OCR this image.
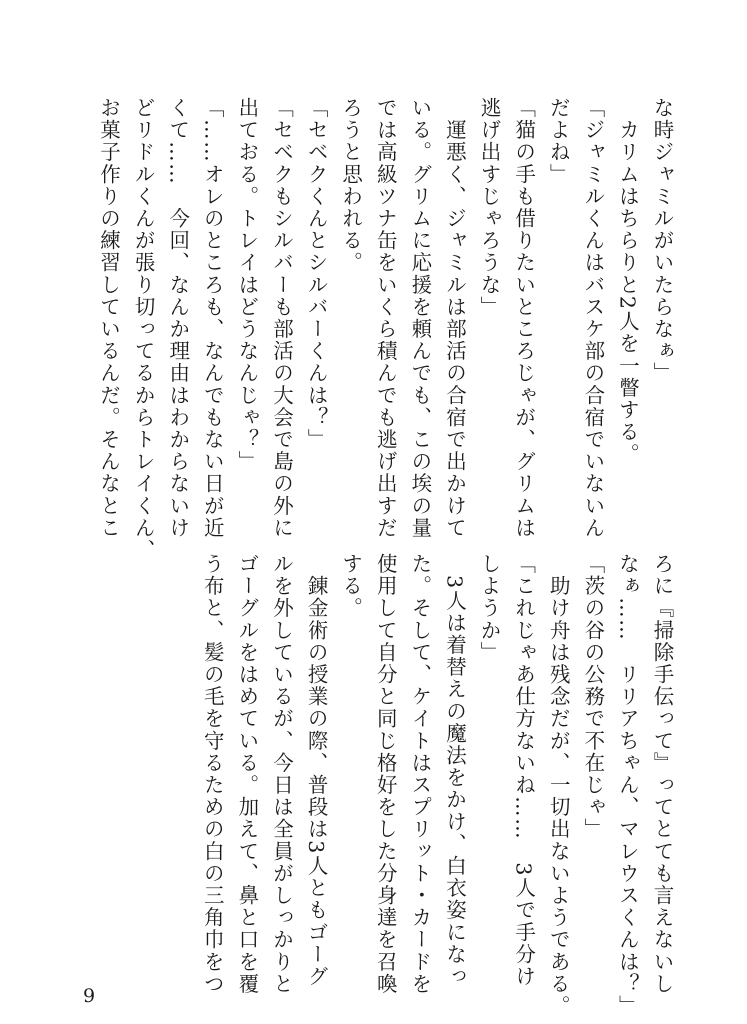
な時ジャミルがいたらなぁ」
　カリムはちらりと2人を一瞥する。
「ジャミルくんはバスケ部の合宿でいないん
だよね」
「猫の手も借りたいところじゃが、グリムは
逃げ出すじゃろうな」
　運悪く、ジャミルは部活の合宿で出かけて
いる。グリムに応援を頼んでも、この埃の量
では高級ツナ缶をいくら積んでも逃げ出すだ
ろうと思われる。
「セベクくんとシルバーくんは？」
「セベクもシルバーも部活の大会で島の外に
出ておる。トレイはどうなんじゃ？」
「……オレのところも、なんでもない日が近
くて……　今回、なんか理由はわからないけ
どリドルくんが張り切ってるからトレイくん、
お菓子作りの練習しているんだ。そんなとこ
ろに『掃除手伝って』ってとても言えないし
なぁ……　リリアちゃん、マレウスくんは？」
「茨の谷の公務で不在じゃ」
　助け舟は残念だが、一切出ないようである。
「これじゃあ仕方ないね……　3人で手分け
しようか」
　3人は着替えの魔法をかけ、白衣姿になっ
た。そして、ケイトはスプリット・カードを
使用して自分と同じ格好をした分身達を召喚
する。
　錬金術の授業の際、普段は3人ともゴーグ
ルを外しているが、今日は全員がしっかりと
ゴーグルをはめている。加えて、鼻と口を覆
う布と、髪の毛を守るための白の三角巾をつ
9
